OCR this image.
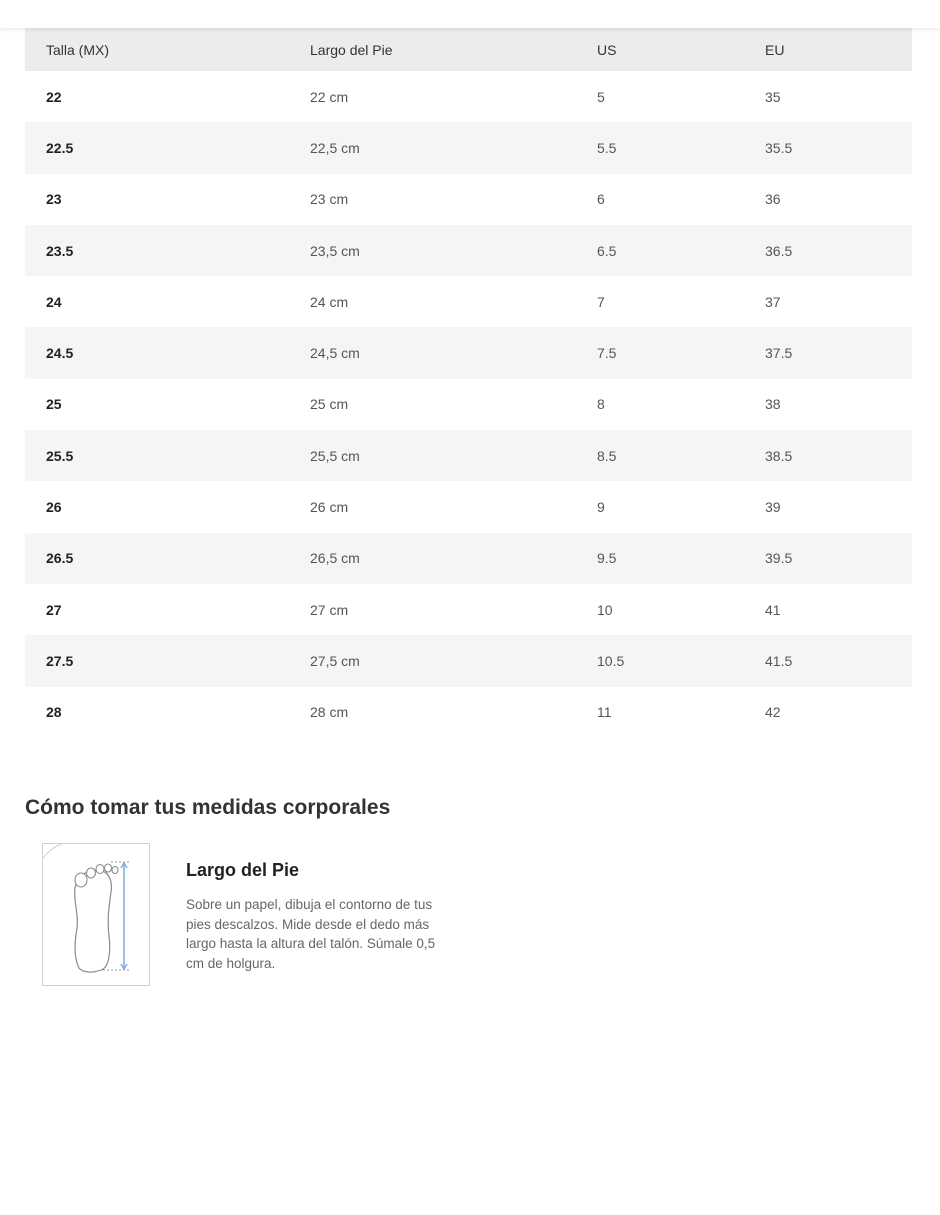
Talla (MX)	Largo del Pie	US	EU
22	22 cm	5	35
22.5	22,5 cm	5.5	35.5
23	23 cm	6	36
23.5	23,5 cm	6.5	36.5
24	24 cm	7	37
24.5	24,5 cm	7.5	37.5
25	25 cm	8	38
25.5	25,5 cm	8.5	38.5
26	26 cm	9	39
26.5	26,5 cm	9.5	39.5
27	27 cm	10	41
27.5	27,5 cm	10.5	41.5
28	28 cm	11	42
Cómo tomar tus medidas corporales
Largo del Pie

Sobre un papel, dibuja el contorno de tus pies descalzos. Mide desde el dedo más largo hasta la altura del talón. Súmale 0,5 cm de holgura.
